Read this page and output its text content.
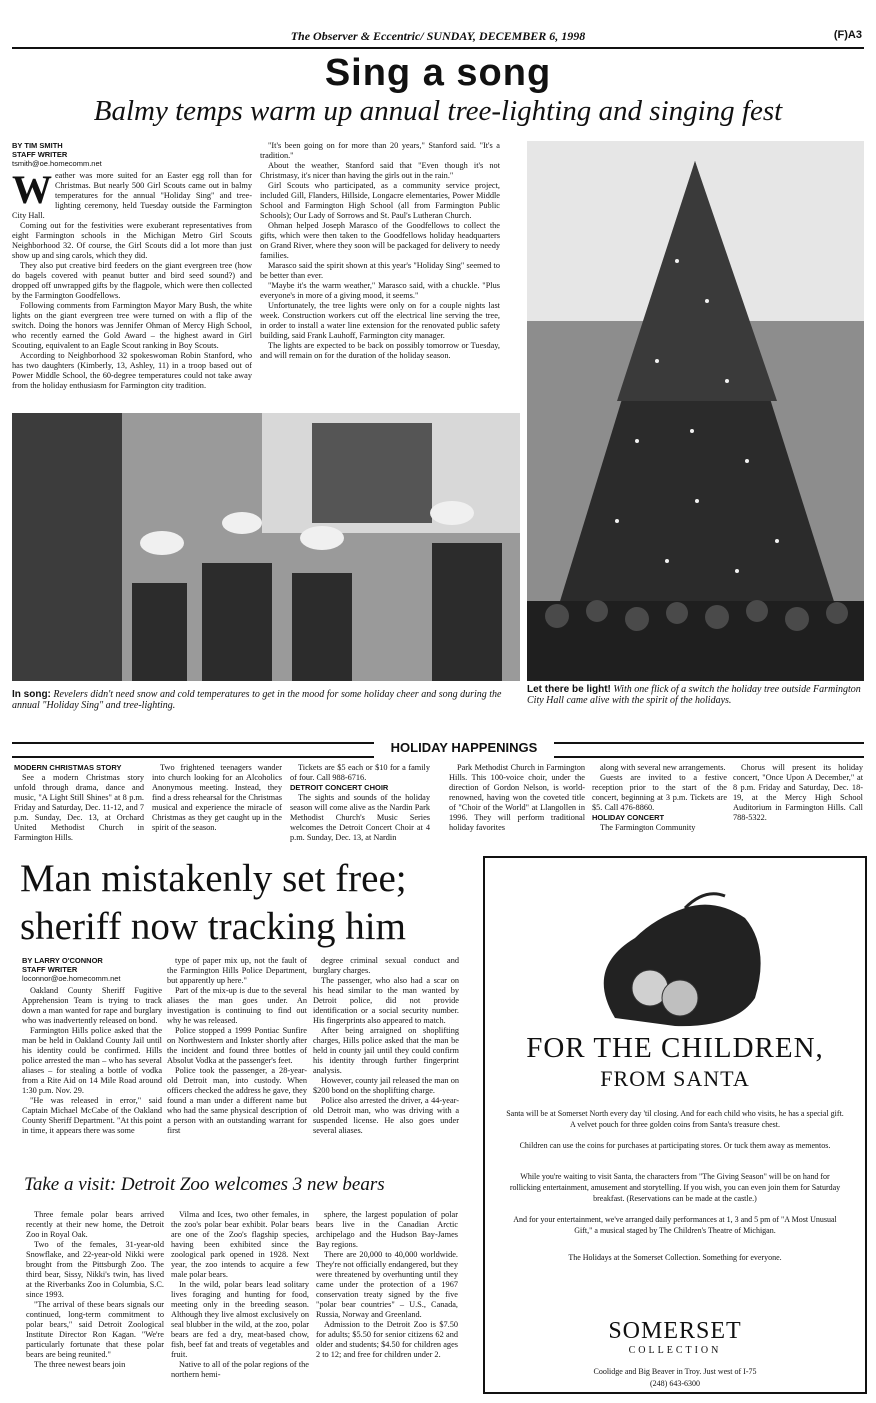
The Observer & Eccentric/ SUNDAY, DECEMBER 6, 1998	(F)A3
Sing a song
Balmy temps warm up annual tree-lighting and singing fest
BY TIM SMITH
STAFF WRITER
tsmith@oe.homecomm.net

Weather was more suited for an Easter egg roll than for Christmas. But nearly 500 Girl Scouts came out in balmy temperatures for the annual "Holiday Sing" and tree-lighting ceremony, held Tuesday outside the Farmington City Hall.

Coming out for the festivities were exuberant representatives from eight Farmington schools in the Michigan Metro Girl Scouts Neighborhood 32. Of course, the Girl Scouts did a lot more than just show up and sing carols, which they did.

They also put creative bird feeders on the giant evergreen tree (how do bagels covered with peanut butter and bird seed sound?) and dropped off unwrapped gifts by the flagpole, which were then collected by the Farmington Goodfellows.

Following comments from Farmington Mayor Mary Bush, the white lights on the giant evergreen tree were turned on with a flip of the switch. Doing the honors was Jennifer Ohman of Mercy High School, who recently earned the Gold Award – the highest award in Girl Scouting, equivalent to an Eagle Scout ranking in Boy Scouts.

According to Neighborhood 32 spokeswoman Robin Stanford, who has two daughters (Kimberly, 13, Ashley, 11) in a troop based out of Power Middle School, the 60-degree temperatures could not take away from the holiday enthusiasm for Farmington city tradition.

"It's been going on for more than 20 years," Stanford said. "It's a tradition."

About the weather, Stanford said that "Even though it's not Christmasy, it's nicer than having the girls out in the rain."

Girl Scouts who participated, as a community service project, included Gill, Flanders, Hillside, Longacre elementaries, Power Middle School and Farmington High School (all from Farmington Public Schools); Our Lady of Sorrows and St. Paul's Lutheran Church.

Ohman helped Joseph Marasco of the Goodfellows to collect the gifts, which were then taken to the Goodfellows holiday headquarters on Grand River, where they soon will be packaged for delivery to needy families.

Marasco said the spirit shown at this year's "Holiday Sing" seemed to be better than ever.

"Maybe it's the warm weather," Marasco said, with a chuckle. "Plus everyone's in more of a giving mood, it seems."

Unfortunately, the tree lights were only on for a couple nights last week. Construction workers cut off the electrical line serving the tree, in order to install a water line extension for the renovated public safety building, said Frank Lauhoff, Farmington city manager.

The lights are expected to be back on possibly tomorrow or Tuesday, and will remain on for the duration of the holiday season.

In song: Revelers didn't need snow and cold temperatures to get in the mood for some holiday cheer and song during the annual "Holiday Sing" and tree-lighting.
Let there be light! With one flick of a switch the holiday tree outside Farmington City Hall came alive with the spirit of the holidays.
HOLIDAY HAPPENINGS

MODERN CHRISTMAS STORY

See a modern Christmas story unfold through drama, dance and music, "A Light Still Shines" at 8 p.m. Friday and Saturday, Dec. 11-12, and 7 p.m. Sunday, Dec. 13, at Orchard United Methodist Church in Farmington Hills.

Two frightened teenagers wander into church looking for an Alcoholics Anonymous meeting. Instead, they find a dress rehearsal for the Christmas musical and experience the miracle of Christmas as they get caught up in the spirit of the season.

Tickets are $5 each or $10 for a family of four. Call 988-6716.

DETROIT CONCERT CHOIR

The sights and sounds of the holiday season will come alive as the Nardin Park Methodist Church's Music Series welcomes the Detroit Concert Choir at 4 p.m. Sunday, Dec. 13, at Nardin

Park Methodist Church in Farmington Hills. This 100-voice choir, under the direction of Gordon Nelson, is world-renowned, having won the coveted title of "Choir of the World" at Llangollen in 1996. They will perform traditional holiday favorites

along with several new arrangements.

Guests are invited to a festive reception prior to the start of the concert, beginning at 3 p.m. Tickets are $5. Call 476-8860.

HOLIDAY CONCERT

The Farmington Community

Chorus will present its holiday concert, "Once Upon A December," at 8 p.m. Friday and Saturday, Dec. 18-19, at the Mercy High School Auditorium in Farmington Hills. Call 788-5322.

Man mistakenly set free; sheriff now tracking him
BY LARRY O'CONNOR
STAFF WRITER
loconnor@oe.homecomm.net

Oakland County Sheriff Fugitive Apprehension Team is trying to track down a man wanted for rape and burglary who was inadvertently released on bond.

Farmington Hills police asked that the man be held in Oakland County Jail until his identity could be confirmed. Hills police arrested the man – who has several aliases – for stealing a bottle of vodka from a Rite Aid on 14 Mile Road around 1:30 p.m. Nov. 29.

"He was released in error," said Captain Michael McCabe of the Oakland County Sheriff Department. "At this point in time, it appears there was some

type of paper mix up, not the fault of the Farmington Hills Police Department, but apparently up here."

Part of the mix-up is due to the several aliases the man goes under. An investigation is continuing to find out why he was released.

Police stopped a 1999 Pontiac Sunfire on Northwestern and Inkster shortly after the incident and found three bottles of Absolut Vodka at the passenger's feet.

Police took the passenger, a 28-year-old Detroit man, into custody. When officers checked the address he gave, they found a man under a different name but who had the same physical description of a person with an outstanding warrant for first

degree criminal sexual conduct and burglary charges.

The passenger, who also had a scar on his head similar to the man wanted by Detroit police, did not provide identification or a social security number. His fingerprints also appeared to match.

After being arraigned on shoplifting charges, Hills police asked that the man be held in county jail until they could confirm his identity through further fingerprint analysis.

However, county jail released the man on $200 bond on the shoplifting charge.

Police also arrested the driver, a 44-year-old Detroit man, who was driving with a suspended license. He also goes under several aliases.

Take a visit: Detroit Zoo welcomes 3 new bears

Three female polar bears arrived recently at their new home, the Detroit Zoo in Royal Oak.

Two of the females, 31-year-old Snowflake, and 22-year-old Nikki were brought from the Pittsburgh Zoo. The third bear, Sissy, Nikki's twin, has lived at the Riverbanks Zoo in Columbia, S.C. since 1993.

"The arrival of these bears signals our continued, long-term commitment to polar bears," said Detroit Zoological Institute Director Ron Kagan. "We're particularly fortunate that these polar bears are being reunited."

The three newest bears join

Vilma and Ices, two other females, in the zoo's polar bear exhibit. Polar bears are one of the Zoo's flagship species, having been exhibited since the zoological park opened in 1928. Next year, the zoo intends to acquire a few male polar bears.

In the wild, polar bears lead solitary lives foraging and hunting for food, meeting only in the breeding season. Although they live almost exclusively on seal blubber in the wild, at the zoo, polar bears are fed a dry, meat-based chow, fish, beef fat and treats of vegetables and fruit.

Native to all of the polar regions of the northern hemi-

sphere, the largest population of polar bears live in the Canadian Arctic archipelago and the Hudson Bay-James Bay regions.

There are 20,000 to 40,000 worldwide. They're not officially endangered, but they were threatened by overhunting until they came under the protection of a 1967 conservation treaty signed by the five "polar bear countries" – U.S., Canada, Russia, Norway and Greenland.

Admission to the Detroit Zoo is $7.50 for adults; $5.50 for senior citizens 62 and older and students; $4.50 for children ages 2 to 12; and free for children under 2.

FOR THE CHILDREN,
FROM SANTA
Santa will be at Somerset North every day 'til closing. And for each child who visits, he has a special gift. A velvet pouch for three golden coins from Santa's treasure chest.
Children can use the coins for purchases at participating stores. Or tuck them away as mementos.
While you're waiting to visit Santa, the characters from "The Giving Season" will be on hand for rollicking entertainment, amusement and storytelling. If you wish, you can even join them for Saturday breakfast. (Reservations can be made at the castle.)
And for your entertainment, we've arranged daily performances at 1, 3 and 5 pm of "A Most Unusual Gift," a musical staged by The Children's Theatre of Michigan.
The Holidays at the Somerset Collection. Something for everyone.
SOMERSET
COLLECTION
Coolidge and Big Beaver in Troy. Just west of I-75
(248) 643-6300
